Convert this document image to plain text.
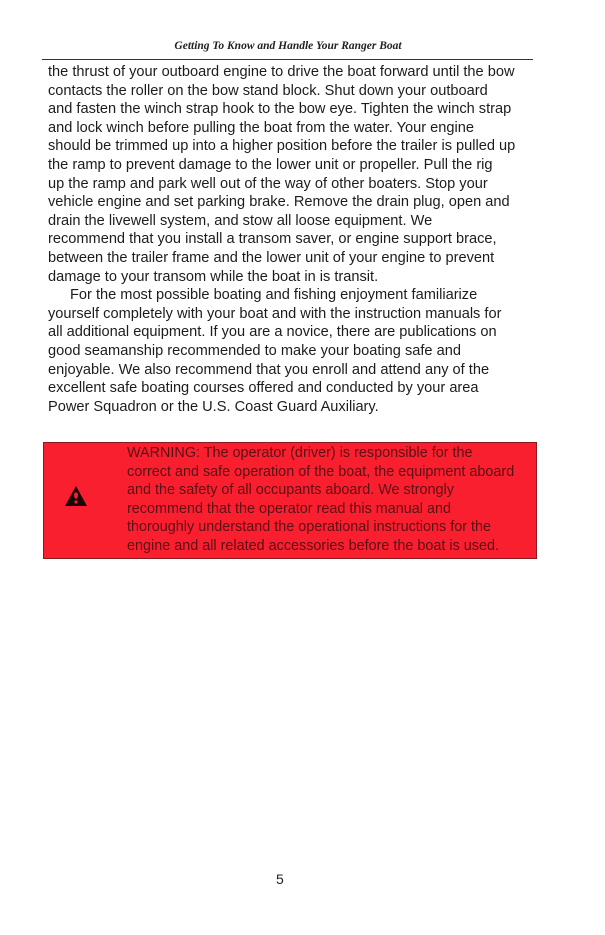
Getting To Know and Handle Your Ranger Boat

the thrust of your outboard engine to drive the boat forward until the bow

contacts the roller on the bow stand block. Shut down your outboard

and fasten the winch strap hook to the bow eye. Tighten the winch strap

and lock winch before pulling the boat from the water. Your engine

should be trimmed up into a higher position before the trailer is pulled up

the ramp to prevent damage to the lower unit or propeller. Pull the rig

up the ramp and park well out of the way of other boaters. Stop your

vehicle engine and set parking brake. Remove the drain plug, open and

drain the livewell system, and stow all loose equipment. We

recommend that you install a transom saver, or engine support brace,

between the trailer frame and the lower unit of your engine to prevent

damage to your transom while the boat in is transit.

For the most possible boating and fishing enjoyment familiarize

yourself completely with your boat and with the instruction manuals for

all additional equipment. If you are a novice, there are publications on

good seamanship recommended to make your boating safe and

enjoyable. We also recommend that you enroll and attend any of the

excellent safe boating courses offered and conducted by your area

Power Squadron or the U.S. Coast Guard Auxiliary.

WARNING: The operator (driver) is responsible for the

correct and safe operation of the boat, the equipment aboard

and the safety of all occupants aboard. We strongly

recommend that the operator read this manual and

thoroughly understand the operational instructions for the

engine and all related accessories before the boat is used.

5
